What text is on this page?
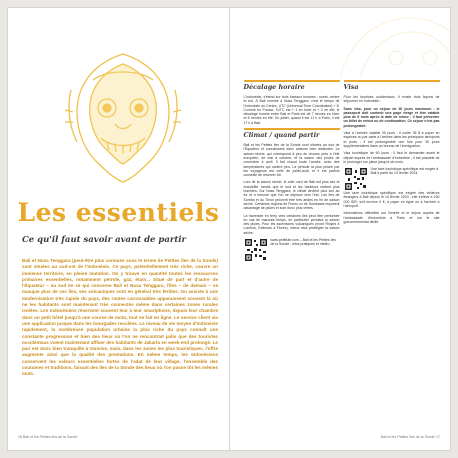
Les essentiels
Ce qu'il faut savoir avant de partir
Bali et Nusa Tenggara (peut-être plus connues sous le terme de Petites îles de la Sonde) sont situées au sud-est de l'Indonésie. Ce pays, potentiellement très riche, couvre un immense territoire, en pleine mutation. On y trouve en quantité toutes les ressources primaires essentielles, notamment pétrole, gaz, étain... Situé de part et d'autre de l'Équateur – au sud en ce qui concerne Bali et Nusa Tenggara, l'îles – de demain – se manque plus de ces îles, ses volcaniques sont en général très fertiles. On assiste à une modernisation très rapide du pays, des routes carrossables apparaissent souvent là où ne les habitants sont maintenant très connectés même dans certaines zones rurales isolées. Les Indonésiens réservent souvent leur à leur smartphone, depuis leur chambre dans un petit hôtel jusqu'à une course de moto, tout se fait en ligne. Le service client via une application jusque dans les bourgades reculées. Le niveau de vie moyen d'Indonésie rapidement, la nombreuse population urbaine la plus riche du pays connaît une constante progression et bien des lieux où l'on ne rencontrait jadis que des touristes occidentaux voient maintenant affluer des habitants de Jakarta en week-end prolongé. Le pari est donc bien tranquille à Vanoise, mais, dans les zones les plus touristiques, l'offre augmente ainsi que la qualité des prestations. En même temps, les Indonésiens conservent les valeurs essentielles fortes de l'adat de leur village, l'ensemble des coutumes et traditions, faisant des îles de la Sonde des lieux où l'on passe tôt les mêmes mots.
16 Bali et les Petites îles de la Sonde
Décalage horaire

L'Indonésie, s'étend sur trois fuseaux horaires : ouest, centre et est. À Bali comme à Nusa Tenggara, c'est le temps de l'Indonésie du Centre, UTC (Universal Time Coordinated) + 8. Comme en France, l'UTC est + 1 en hiver et + 2 en été, le décalage horaire entre Bali et Paris est de 7 heures en hiver et 6 heures en été. En juillet, quand il est 11 h à Paris, il est 17 h à Bali.

Climat / quand partir

Bali et les Petites îles de la Sonde sont situées au sud de l'Équateur et connaissent deux saisons bien distinctes. La saison sèche, qui correspond à peu de choses près à l'été européen, de mai à octobre, et la saison des pluies de novembre à avril. Il fait chaud toute l'année, avec des températures qui varient peu. La période la plus prisée par les voyageurs est celle de juillet-août, et il est parfois conseillé de réserver tôt.

Lors de la saison sèche, le côté nord de Bali est plus sec et ensoleillé, tandis que le sud et les hauteurs restent plus humides. Sur Nusa Tenggara, le climat devient plus sec au fur et à mesure que l'on se déplace vers l'est. Les îles de Sumba et du Timor peuvent être très arides en fin de saison sèche. Certaines régions de Flores ou de Sumbawa reçoivent davantage de pluies et sont donc plus vertes.

La traversée en ferry vers certaines îles peut être perturbée en cas de mauvais temps, en particulier pendant la saison des pluies. Pour les ascensions volcaniques (mont Rinjani à Lombok, Kelimutu à Flores), mieux vaut privilégier la saison sèche.

www.petitfute.com – Bali et les Petites îles de la Sonde : infos pratiques et météo.
Visa

Pour les touristes occidentaux, il existe trois façons de séjourner en Indonésie :

Sans visa, pour un séjour de 30 jours maximum ; le passeport doit contenir une page vierge et être valable plus de 6 mois après la date de retour ; il faut présenter un billet de retour ou de continuation. Ce séjour n'est pas prolongeable.

Visa à l'arrivée valable 30 jours ; il coûte 35 $ à payer en espèces ou par carte à l'arrivée dans les principaux aéroports et ports ; il est prolongeable une fois pour 30 jours supplémentaires dans un bureau de l'immigration.

Visa touristique de 60 jours ; il faut le demander avant le départ auprès de l'ambassade d'Indonésie ; il est possible de le prolonger sur place jusqu'à six mois.

Une taxe touristique spécifique est exigée à Bali à partir du 14 février 2024.

Une taxe touristique spécifique est exigée des visiteurs étrangers à Bali depuis le 14 février 2024 ; elle s'élève à 150 000 IDR, soit environ 9 €, à payer en ligne ou à l'arrivée à l'aéroport.

Informations officielles sur l'entrée et le séjour auprès de l'ambassade d'Indonésie à Paris et sur le site gouvernemental dédié.

Bali et les Petites îles de la Sonde 17
